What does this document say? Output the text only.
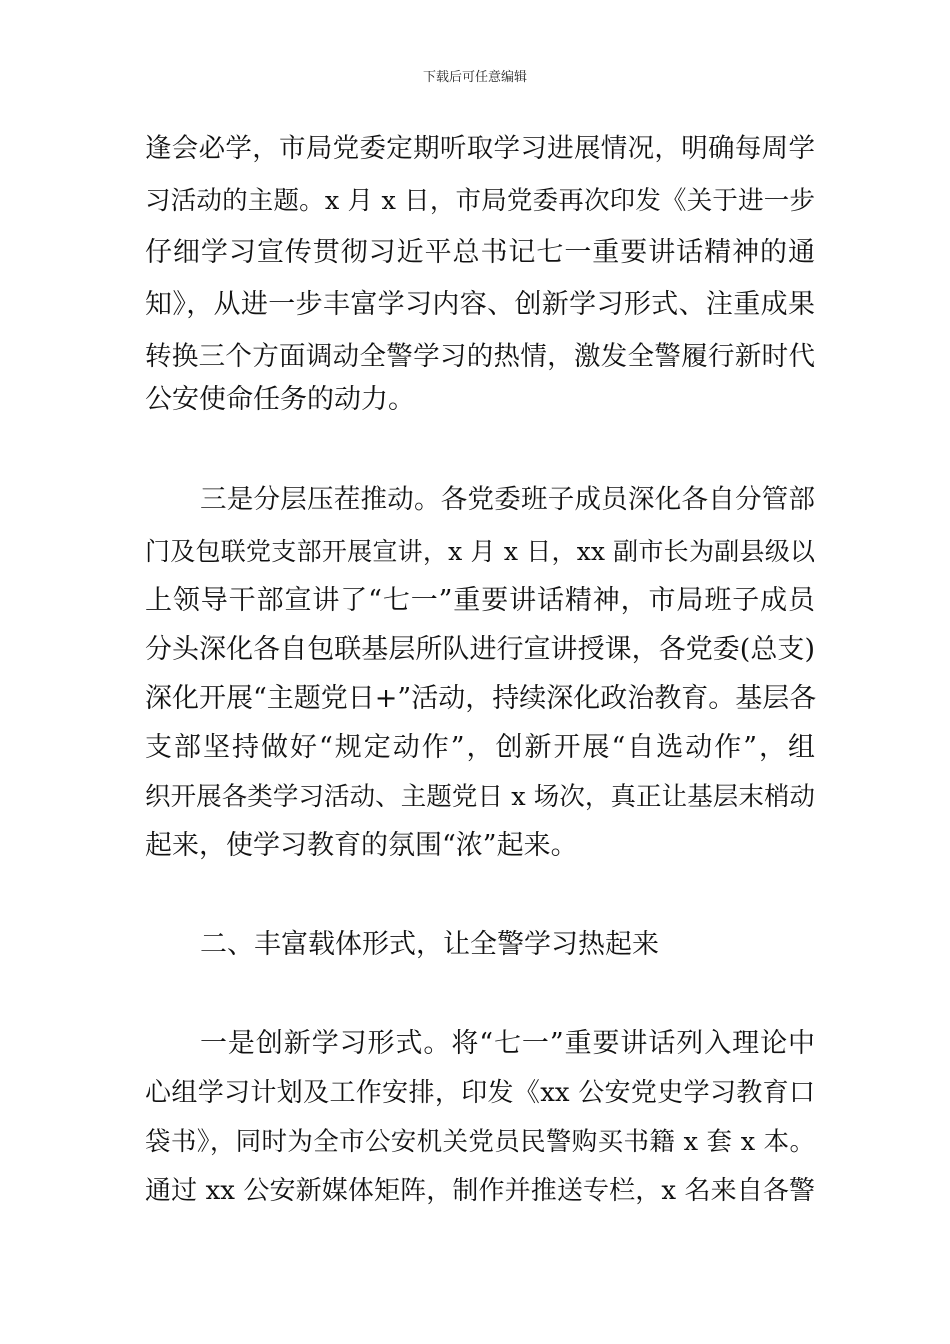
下载后可任意编辑
逢会必学，市局党委定期听取学习进展情况，明确每周学
习活动的主题。x 月 x 日，市局党委再次印发《关于进一步
仔细学习宣传贯彻习近平总书记七一重要讲话精神的通
知》，从进一步丰富学习内容、创新学习形式、注重成果
转换三个方面调动全警学习的热情，激发全警履行新时代
公安使命任务的动力。
三是分层压茬推动。各党委班子成员深化各自分管部
门及包联党支部开展宣讲，x 月 x 日，xx 副市长为副县级以
上领导干部宣讲了“七一”重要讲话精神，市局班子成员
分头深化各自包联基层所队进行宣讲授课，各党委(总支)
深化开展“主题党日+”活动，持续深化政治教育。基层各
支部坚持做好“规定动作”，创新开展“自选动作”，组
织开展各类学习活动、主题党日 x 场次，真正让基层末梢动
起来，使学习教育的氛围“浓”起来。
二、丰富载体形式，让全警学习热起来
一是创新学习形式。将“七一”重要讲话列入理论中
心组学习计划及工作安排，印发《xx 公安党史学习教育口
袋书》，同时为全市公安机关党员民警购买书籍 x 套 x 本。
通过 xx 公安新媒体矩阵，制作并推送专栏，x 名来自各警
